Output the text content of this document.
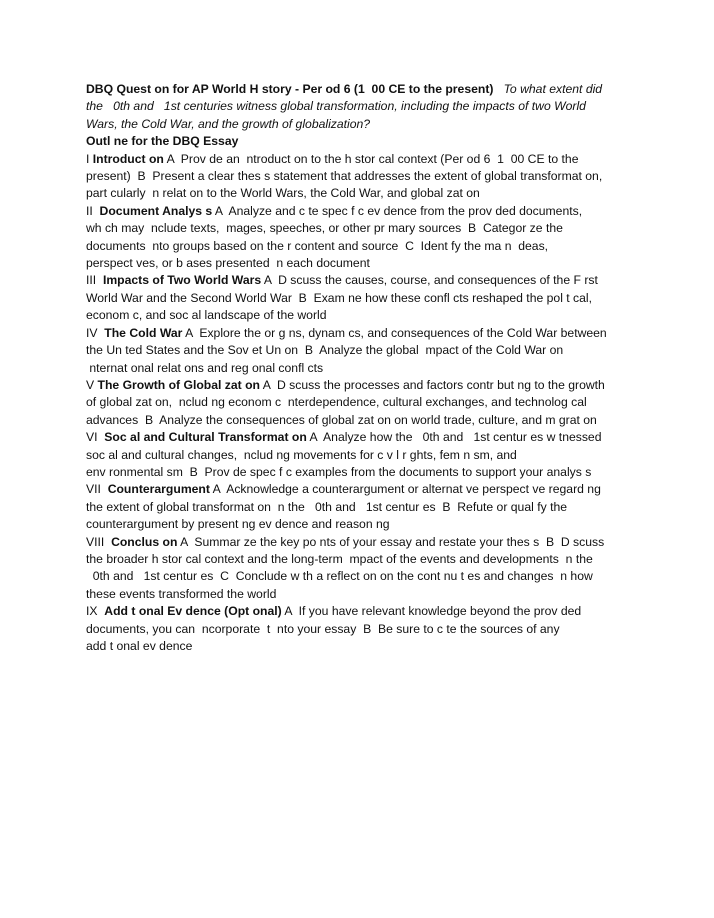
DBQ Quest on for AP World H story - Per od 6 (1  00 CE to the present) To what extent did
the   0th and   1st centuries witness global transformation, including the impacts of two World
Wars, the Cold War, and the growth of globalization?
Outl ne for the DBQ Essay
I Introduct on A  Prov de an  ntroduct on to the h stor cal context (Per od 6  1  00 CE to the
present)  B  Present a clear thes s statement that addresses the extent of global transformat on,
part cularly  n relat on to the World Wars, the Cold War, and global zat on
II  Document Analys s A  Analyze and c te spec f c ev dence from the prov ded documents,
wh ch may  nclude texts,  mages, speeches, or other pr mary sources  B  Categor ze the
documents  nto groups based on the r content and source  C  Ident fy the ma n  deas,
perspect ves, or b ases presented  n each document
III  Impacts of Two World Wars A  D scuss the causes, course, and consequences of the F rst
World War and the Second World War  B  Exam ne how these confl cts reshaped the pol t cal,
econom c, and soc al landscape of the world
IV  The Cold War A  Explore the or g ns, dynam cs, and consequences of the Cold War between
the Un ted States and the Sov et Un on  B  Analyze the global  mpact of the Cold War on
nternat onal relat ons and reg onal confl cts
V The Growth of Global zat on A  D scuss the processes and factors contr but ng to the growth
of global zat on,  nclud ng econom c  nterdependence, cultural exchanges, and technolog cal
advances  B  Analyze the consequences of global zat on on world trade, culture, and m grat on
VI  Soc al and Cultural Transformat on A  Analyze how the   0th and   1st centur es w tnessed
soc al and cultural changes,  nclud ng movements for c v l r ghts, fem n sm, and
env ronmental sm  B  Prov de spec f c examples from the documents to support your analys s
VII  Counterargument A  Acknowledge a counterargument or alternat ve perspect ve regard ng
the extent of global transformat on  n the   0th and   1st centur es  B  Refute or qual fy the
counterargument by present ng ev dence and reason ng
VIII  Conclus on A  Summar ze the key po nts of your essay and restate your thes s  B  D scuss
the broader h stor cal context and the long-term  mpact of the events and developments  n the
0th and   1st centur es  C  Conclude w th a reflect on on the cont nu t es and changes  n how
these events transformed the world
IX  Add t onal Ev dence (Opt onal) A  If you have relevant knowledge beyond the prov ded
documents, you can  ncorporate  t  nto your essay  B  Be sure to c te the sources of any
add t onal ev dence
